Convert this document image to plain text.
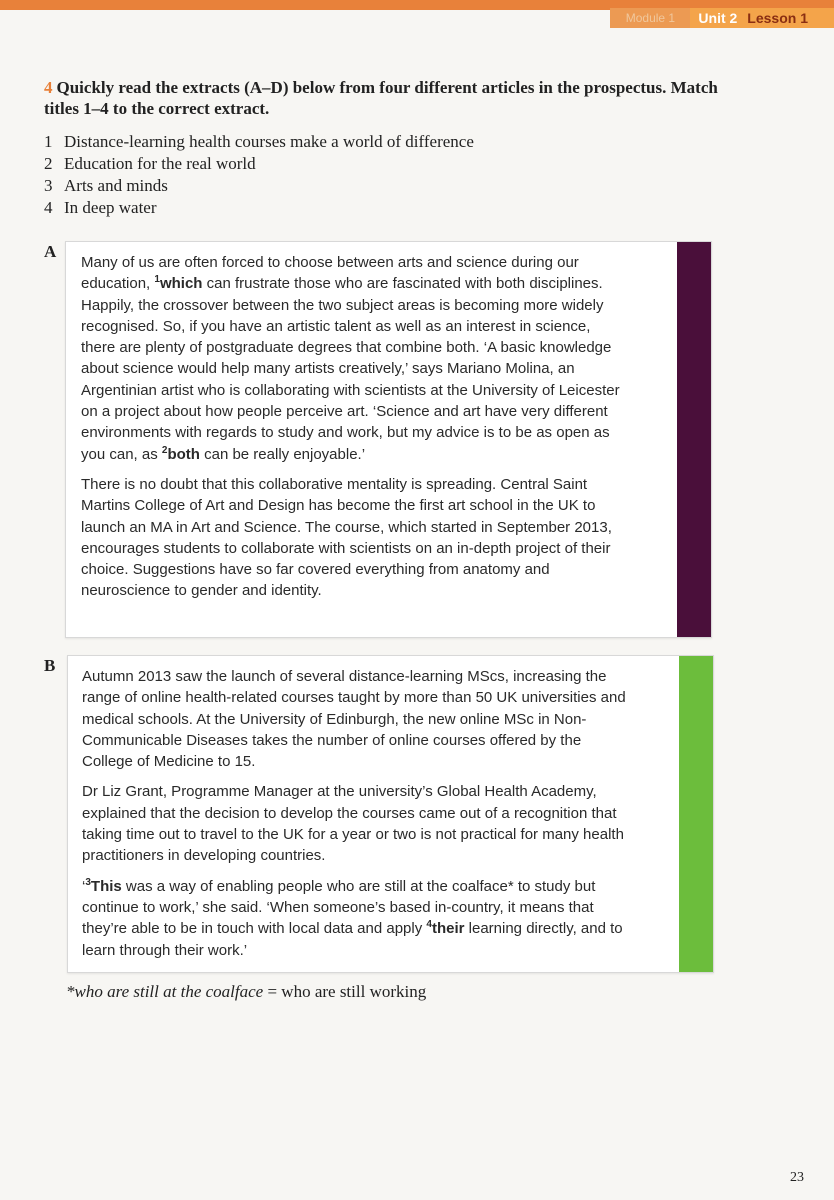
Module 1	Unit 2 Lesson 1
4 Quickly read the extracts (A–D) below from four different articles in the prospectus. Match titles 1–4 to the correct extract.
1 Distance-learning health courses make a world of difference
2 Education for the real world
3 Arts and minds
4 In deep water
A

Many of us are often forced to choose between arts and science during our education, $^1$which can frustrate those who are fascinated with both disciplines. Happily, the crossover between the two subject areas is becoming more widely recognised. So, if you have an artistic talent as well as an interest in science, there are plenty of postgraduate degrees that combine both. ‘A basic knowledge about science would help many artists creatively,’ says Mariano Molina, an Argentinian artist who is collaborating with scientists at the University of Leicester on a project about how people perceive art. ‘Science and art have very different environments with regards to study and work, but my advice is to be as open as you can, as $^2$both can be really enjoyable.’

There is no doubt that this collaborative mentality is spreading. Central Saint Martins College of Art and Design has become the first art school in the UK to launch an MA in Art and Science. The course, which started in September 2013, encourages students to collaborate with scientists on an in-depth project of their choice. Suggestions have so far covered everything from anatomy and neuroscience to gender and identity.

B

Autumn 2013 saw the launch of several distance-learning MScs, increasing the range of online health-related courses taught by more than 50 UK universities and medical schools. At the University of Edinburgh, the new online MSc in Non-Communicable Diseases takes the number of online courses offered by the College of Medicine to 15.

Dr Liz Grant, Programme Manager at the university’s Global Health Academy, explained that the decision to develop the courses came out of a recognition that taking time out to travel to the UK for a year or two is not practical for many health practitioners in developing countries.

‘$^3$This was a way of enabling people who are still at the coalface* to study but continue to work,’ she said. ‘When someone’s based in-country, it means that they’re able to be in touch with local data and apply $^4$their learning directly, and to learn through their work.’

*who are still at the coalface = who are still working
23
